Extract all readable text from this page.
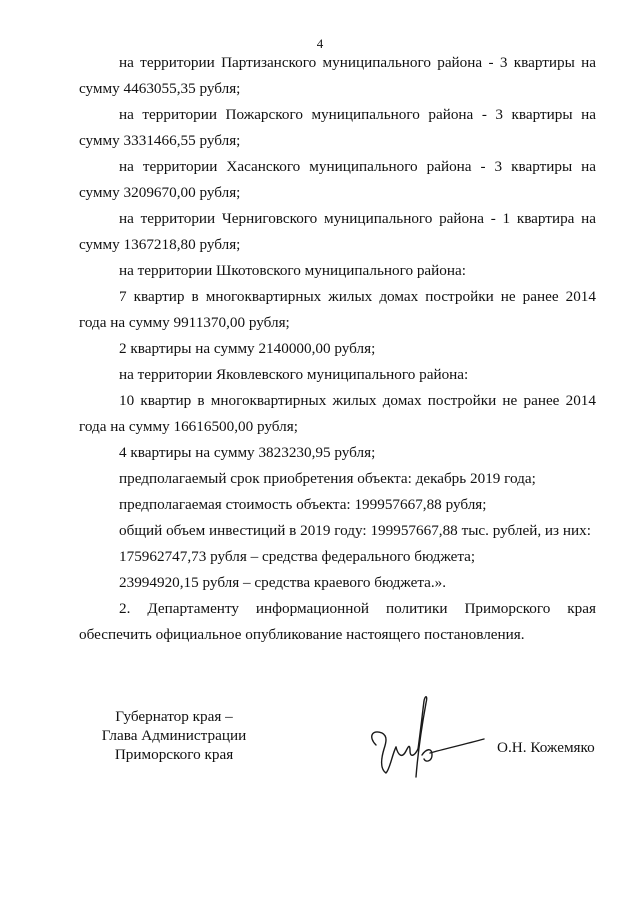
4

на территории Партизанского муниципального района - 3 квартиры на сумму 4463055,35 рубля;

на территории Пожарского муниципального района - 3 квартиры на сумму 3331466,55 рубля;

на территории Хасанского муниципального района - 3 квартиры на сумму 3209670,00 рубля;

на территории Черниговского муниципального района - 1 квартира на сумму 1367218,80 рубля;

на территории Шкотовского муниципального района:

7 квартир в многоквартирных жилых домах постройки не ранее 2014 года на сумму 9911370,00 рубля;

2 квартиры на сумму 2140000,00 рубля;

на территории Яковлевского муниципального района:

10 квартир в многоквартирных жилых домах постройки не ранее 2014 года на сумму 16616500,00 рубля;

4 квартиры на сумму 3823230,95 рубля;

предполагаемый срок приобретения объекта: декабрь 2019 года;

предполагаемая стоимость объекта: 199957667,88 рубля;

общий объем инвестиций в 2019 году: 199957667,88 тыс. рублей, из них:

175962747,73 рубля – средства федерального бюджета;

23994920,15 рубля – средства краевого бюджета.».

2. Департаменту информационной политики Приморского края обеспечить официальное опубликование настоящего постановления.

Губернатор края –
Глава Администрации
Приморского края	О.Н. Кожемяко
